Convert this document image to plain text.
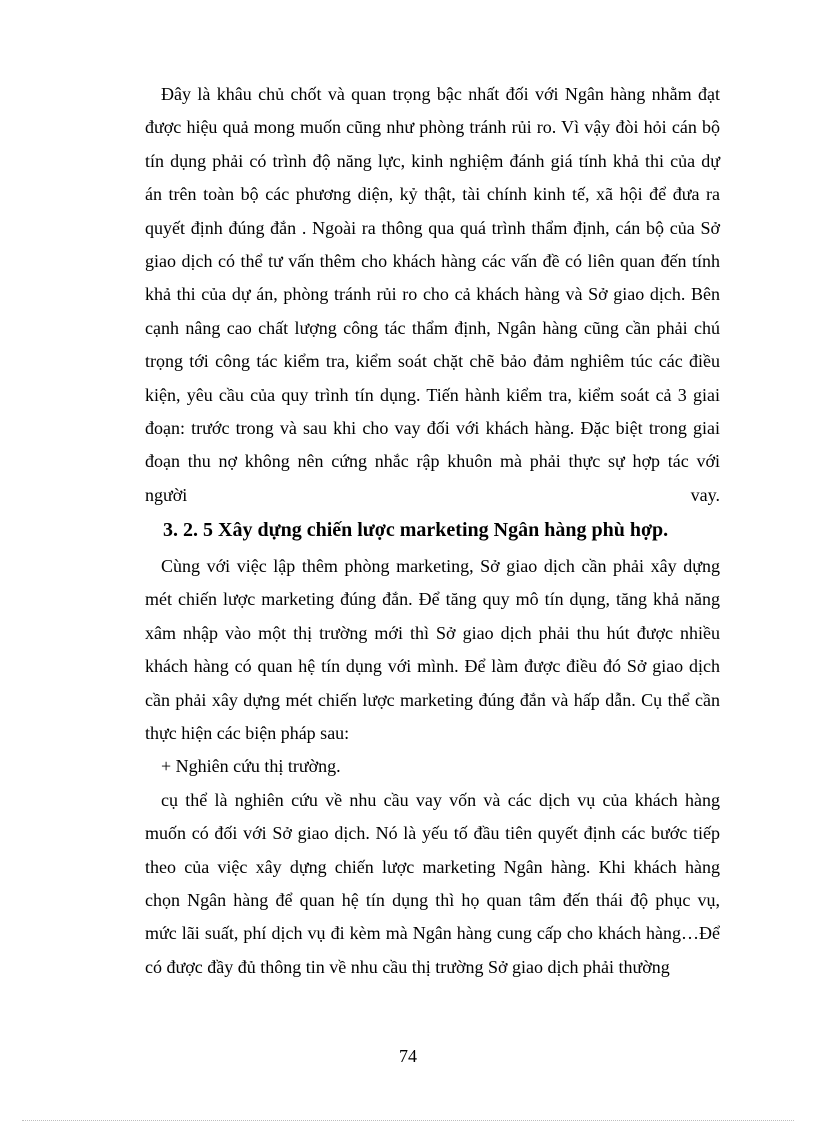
Đây là khâu chủ chốt và quan trọng bậc nhất đối với Ngân hàng nhằm đạt
được hiệu quả mong muốn cũng như phòng tránh rủi ro. Vì vậy đòi hỏi cán bộ
tín dụng phải có trình độ năng lực, kinh nghiệm đánh giá tính khả thi của dự
án trên toàn bộ các phương diện, kỷ thật, tài chính kinh tế, xã hội để đưa ra
quyết định đúng đắn . Ngoài ra thông qua quá trình thẩm định, cán bộ của Sở
giao dịch có thể tư vấn thêm cho khách hàng các vấn đề có liên quan đến tính
khả thi của dự án, phòng tránh rủi ro cho cả khách hàng và Sở giao dịch. Bên
cạnh nâng cao chất lượng công tác thẩm định, Ngân hàng cũng cần phải chú
trọng tới công tác kiểm tra, kiểm soát chặt chẽ bảo đảm nghiêm túc các điều
kiện, yêu cầu của quy trình tín dụng. Tiến hành kiểm tra, kiểm soát cả 3 giai
đoạn: trước trong và sau khi cho vay đối với khách hàng. Đặc biệt trong giai
đoạn thu nợ không nên cứng nhắc rập khuôn mà phải thực sự hợp tác với
người                                                                                                    vay.
3. 2. 5 Xây dựng chiến lược marketing Ngân hàng phù hợp.
Cùng với việc lập thêm phòng marketing, Sở giao dịch cần phải xây dựng
mét chiến lược marketing đúng đắn. Để tăng quy mô tín dụng, tăng khả năng
xâm nhập vào một thị trường mới thì Sở giao dịch phải thu hút được nhiều
khách hàng có quan hệ tín dụng với mình. Để làm được điều đó Sở giao dịch
cần phải xây dựng mét chiến lược marketing đúng đắn và hấp dẫn. Cụ thể cần
thực hiện các biện pháp sau:
+ Nghiên cứu thị trường.
cụ thể là nghiên cứu về nhu cầu vay vốn và các dịch vụ của khách hàng
muốn có đối với Sở giao dịch. Nó là yếu tố đầu tiên quyết định các bước tiếp
theo của việc xây dựng chiến lược marketing Ngân hàng. Khi khách hàng
chọn Ngân hàng để quan hệ tín dụng thì họ quan tâm đến thái độ phục vụ,
mức lãi suất, phí dịch vụ đi kèm mà Ngân hàng cung cấp cho khách hàng…Để
có được đầy đủ thông tin về nhu cầu thị trường Sở giao dịch phải thường
74
